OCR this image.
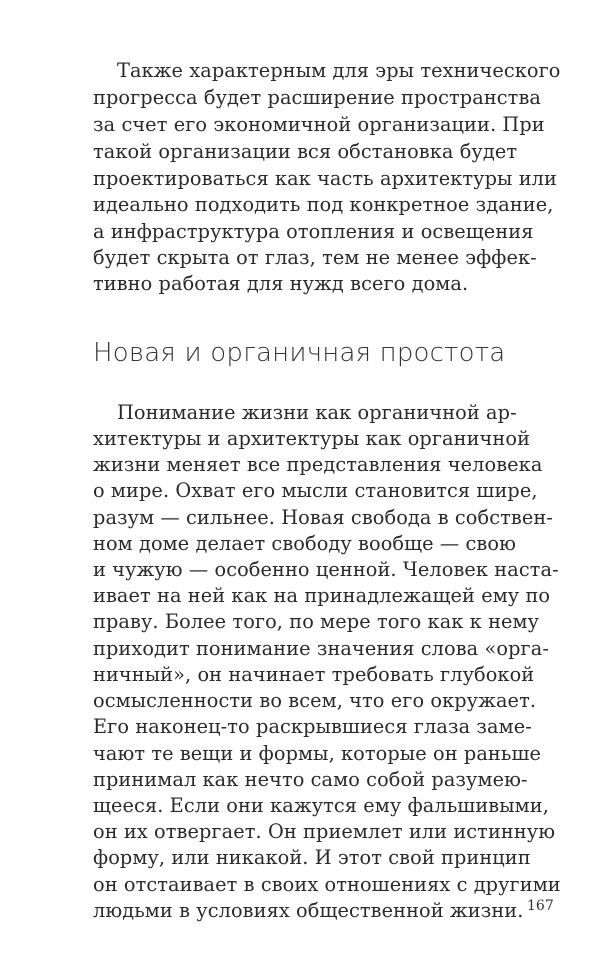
Также характерным для эры технического
прогресса будет расширение пространства
за счет его экономичной организации. При
такой организации вся обстановка будет
проектироваться как часть архитектуры или
идеально подходить под конкретное здание,
а инфраструктура отопления и освещения
будет скрыта от глаз, тем не менее эффек-
тивно работая для нужд всего дома.
Новая и органичная простота
Понимание жизни как органичной ар-
хитектуры и архитектуры как органичной
жизни меняет все представления человека
о мире. Охват его мысли становится шире,
разум — сильнее. Новая свобода в собствен-
ном доме делает свободу вообще — свою
и чужую — особенно ценной. Человек наста-
ивает на ней как на принадлежащей ему по
праву. Более того, по мере того как к нему
приходит понимание значения слова «орга-
ничный», он начинает требовать глубокой
осмысленности во всем, что его окружает.
Его наконец-то раскрывшиеся глаза заме-
чают те вещи и формы, которые он раньше
принимал как нечто само собой разумею-
щееся. Если они кажутся ему фальшивыми,
он их отвергает. Он приемлет или истинную
форму, или никакой. И этот свой принцип
он отстаивает в своих отношениях с другими
людьми в условиях общественной жизни. 167
